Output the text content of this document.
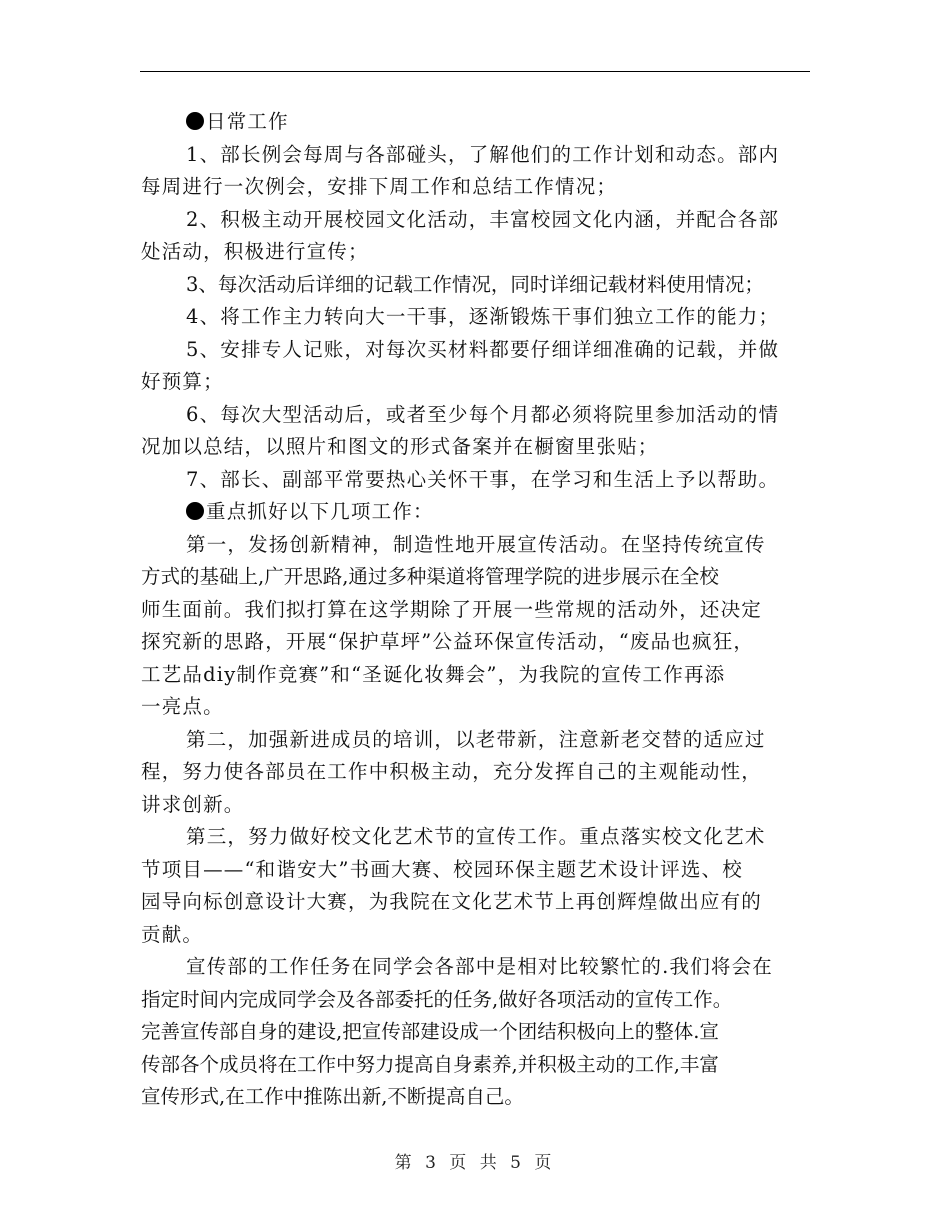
日常工作
1、部长例会每周与各部碰头，了解他们的工作计划和动态。部内
每周进行一次例会，安排下周工作和总结工作情况；
2、积极主动开展校园文化活动，丰富校园文化内涵，并配合各部
处活动，积极进行宣传；
3、每次活动后详细的记载工作情况，同时详细记载材料使用情况；
4、将工作主力转向大一干事，逐渐锻炼干事们独立工作的能力；
5、安排专人记账，对每次买材料都要仔细详细准确的记载，并做
好预算；
6、每次大型活动后，或者至少每个月都必须将院里参加活动的情
况加以总结，以照片和图文的形式备案并在橱窗里张贴；
7、部长、副部平常要热心关怀干事，在学习和生活上予以帮助。
重点抓好以下几项工作：
第一，发扬创新精神，制造性地开展宣传活动。在坚持传统宣传
方式的基础上,广开思路,通过多种渠道将管理学院的进步展示在全校
师生面前。我们拟打算在这学期除了开展一些常规的活动外，还决定
探究新的思路，开展“保护草坪”公益环保宣传活动，“废品也疯狂，
工艺品diy制作竞赛”和“圣诞化妆舞会”，为我院的宣传工作再添
一亮点。
第二，加强新进成员的培训，以老带新，注意新老交替的适应过
程，努力使各部员在工作中积极主动，充分发挥自己的主观能动性，
讲求创新。
第三，努力做好校文化艺术节的宣传工作。重点落实校文化艺术
节项目——“和谐安大”书画大赛、校园环保主题艺术设计评选、校
园导向标创意设计大赛，为我院在文化艺术节上再创辉煌做出应有的
贡献。
宣传部的工作任务在同学会各部中是相对比较繁忙的.我们将会在
指定时间内完成同学会及各部委托的任务,做好各项活动的宣传工作。
完善宣传部自身的建设,把宣传部建设成一个团结积极向上的整体.宣
传部各个成员将在工作中努力提高自身素养,并积极主动的工作,丰富
宣传形式,在工作中推陈出新,不断提高自己。
第 3 页 共 5 页
